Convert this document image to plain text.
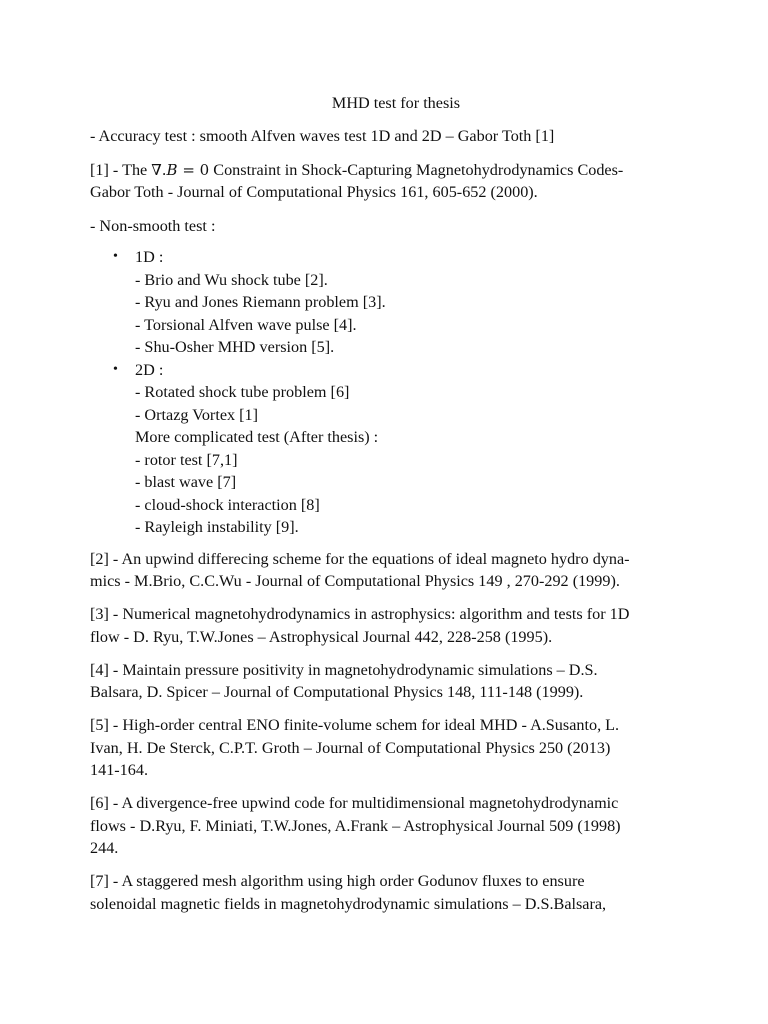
MHD test for thesis

- Accuracy test : smooth Alfven waves test 1D and 2D – Gabor Toth [1]

[1] - The ∇.B = 0 Constraint in Shock-Capturing Magnetohydrodynamics Codes-
Gabor Toth - Journal of Computational Physics 161, 605-652 (2000).

- Non-smooth test :

• 1D :
- Brio and Wu shock tube [2].
- Ryu and Jones Riemann problem [3].
- Torsional Alfven wave pulse [4].
- Shu-Osher MHD version [5].
• 2D :
- Rotated shock tube problem [6]
- Ortazg Vortex [1]
More complicated test (After thesis) :
- rotor test [7,1]
- blast wave [7]
- cloud-shock interaction [8]
- Rayleigh instability [9].

[2] - An upwind differecing scheme for the equations of ideal magneto hydro dyna-
mics - M.Brio, C.C.Wu - Journal of Computational Physics 149 , 270-292 (1999).

[3] - Numerical magnetohydrodynamics in astrophysics: algorithm and tests for 1D
flow - D. Ryu, T.W.Jones – Astrophysical Journal 442, 228-258 (1995).

[4] - Maintain pressure positivity in magnetohydrodynamic simulations – D.S.
Balsara, D. Spicer – Journal of Computational Physics 148, 111-148 (1999).

[5] - High-order central ENO finite-volume schem for ideal MHD - A.Susanto, L.
Ivan, H. De Sterck, C.P.T. Groth – Journal of Computational Physics 250 (2013)
141-164.

[6] - A divergence-free upwind code for multidimensional magnetohydrodynamic
flows - D.Ryu, F. Miniati, T.W.Jones, A.Frank – Astrophysical Journal 509 (1998)
244.

[7] - A staggered mesh algorithm using high order Godunov fluxes to ensure
solenoidal magnetic fields in magnetohydrodynamic simulations – D.S.Balsara,
